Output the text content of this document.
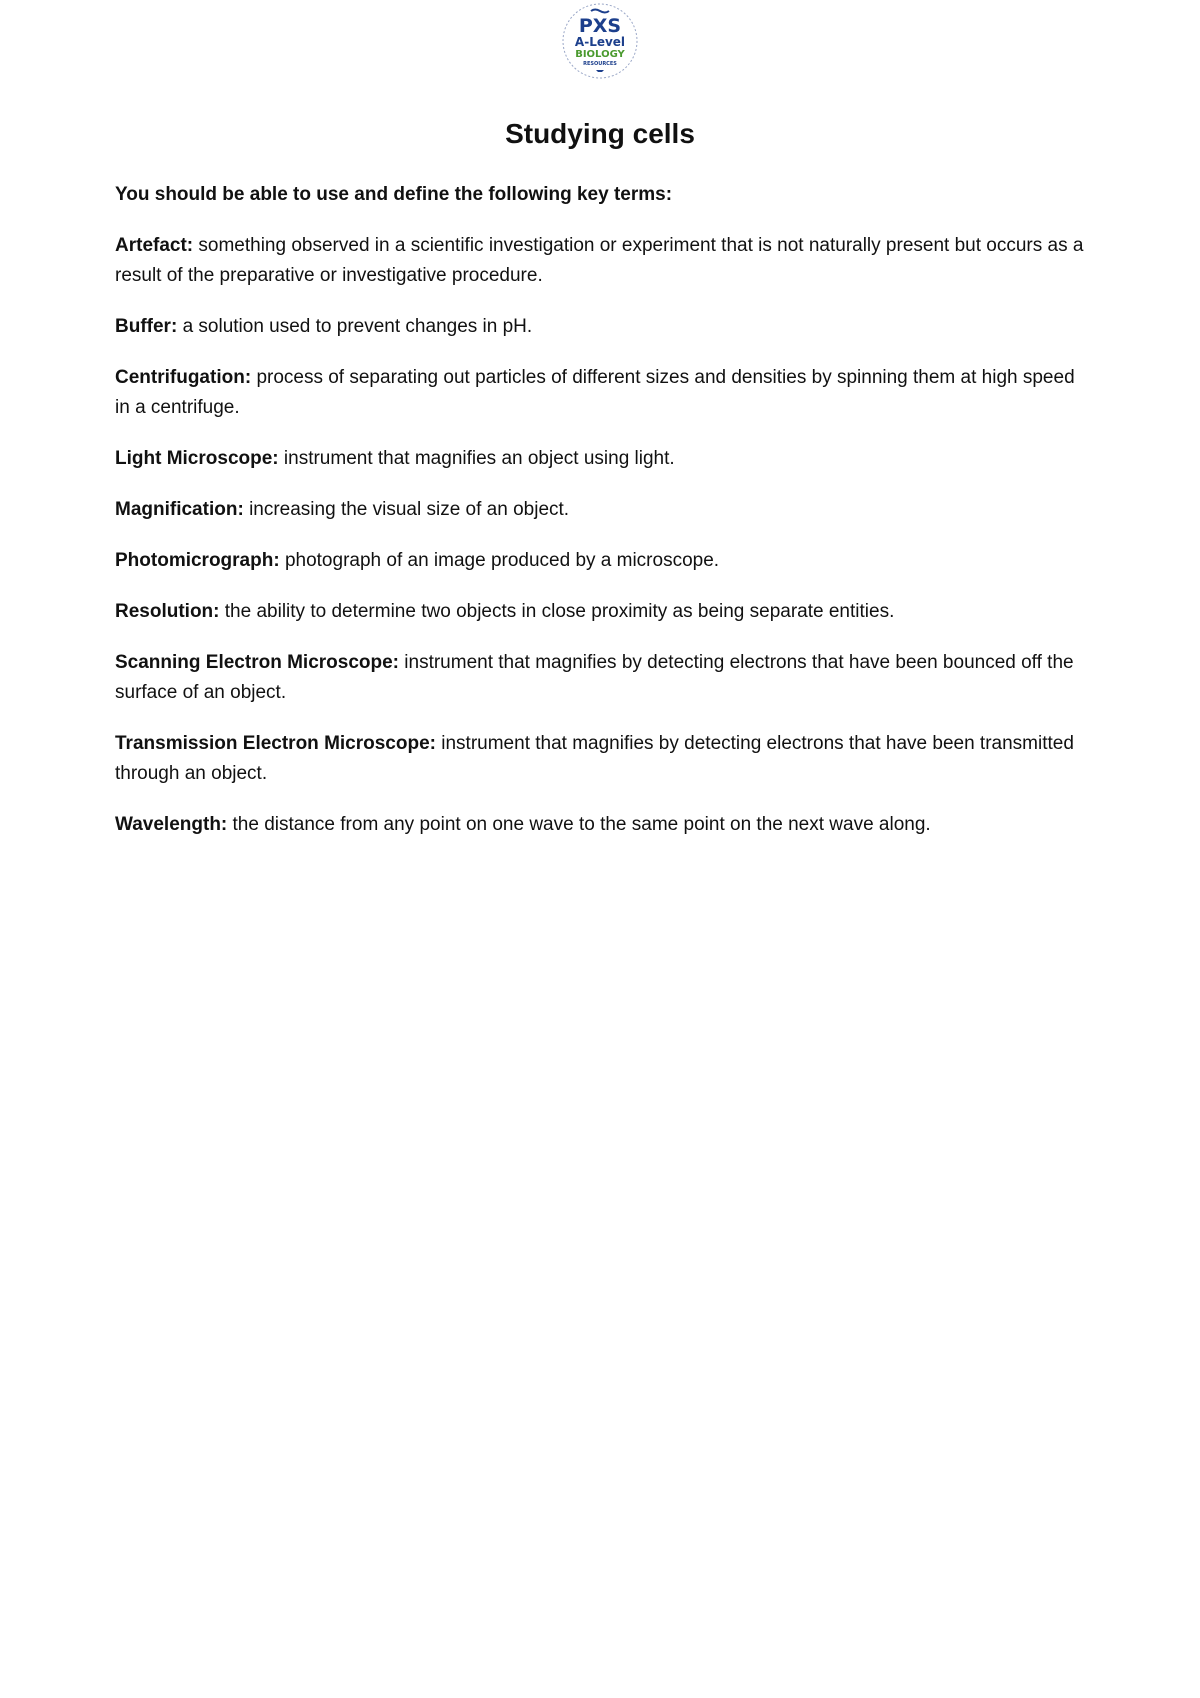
PXS
A-Level
BIOLOGY
RESOURCES
Studying cells

You should be able to use and define the following key terms:

Artefact: something observed in a scientific investigation or experiment that is not naturally present but occurs as a result of the preparative or investigative procedure.

Buffer: a solution used to prevent changes in pH.

Centrifugation: process of separating out particles of different sizes and densities by spinning them at high speed in a centrifuge.

Light Microscope: instrument that magnifies an object using light.

Magnification: increasing the visual size of an object.

Photomicrograph: photograph of an image produced by a microscope.

Resolution: the ability to determine two objects in close proximity as being separate entities.

Scanning Electron Microscope: instrument that magnifies by detecting electrons that have been bounced off the surface of an object.

Transmission Electron Microscope: instrument that magnifies by detecting electrons that have been transmitted through an object.

Wavelength: the distance from any point on one wave to the same point on the next wave along.
